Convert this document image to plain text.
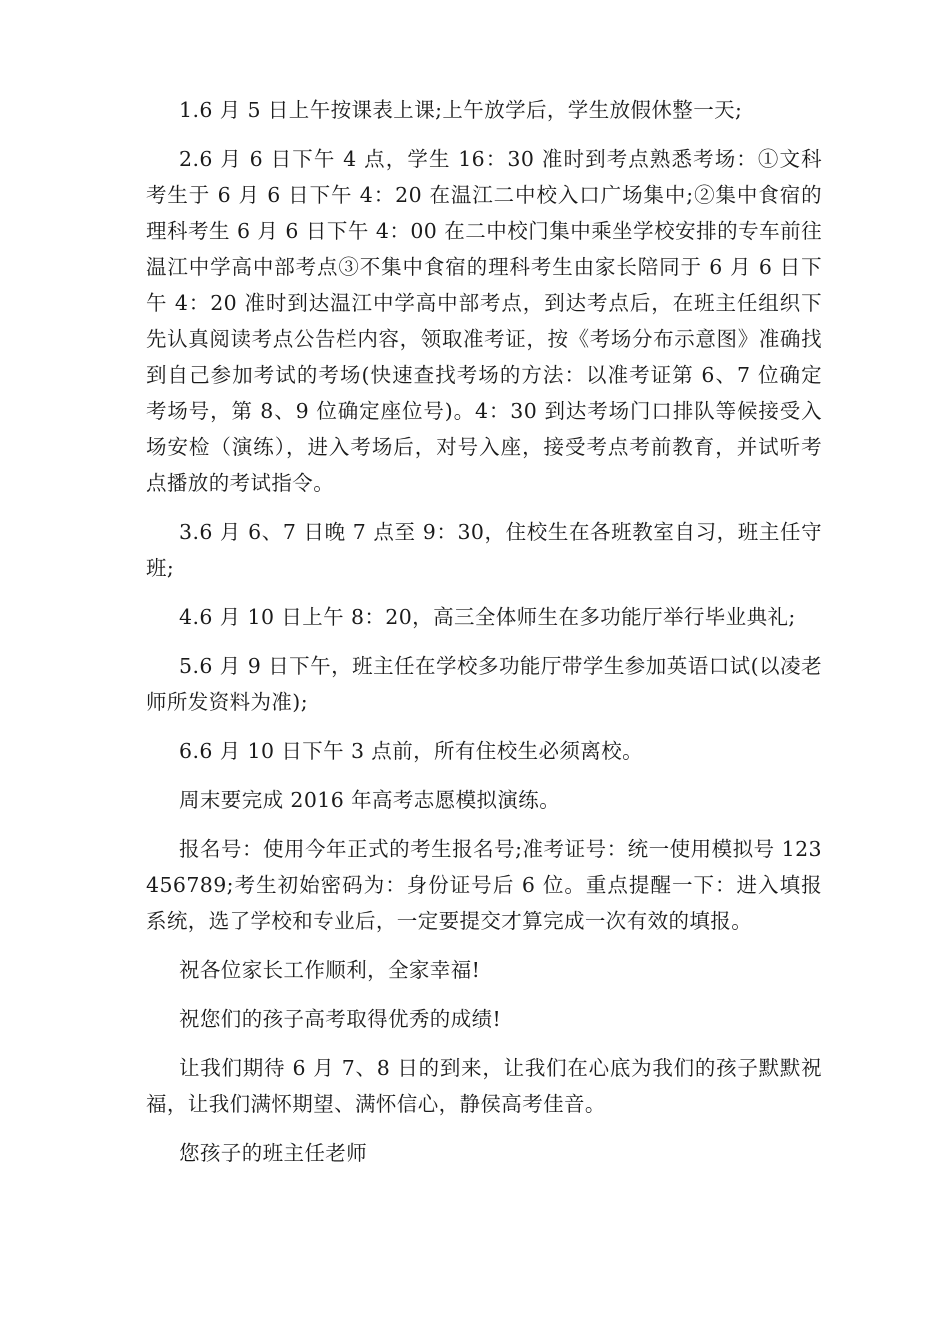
1.6 月 5 日上午按课表上课;上午放学后，学生放假休整一天;

2.6 月 6 日下午 4 点，学生 16：30 准时到考点熟悉考场：①文科考生于 6 月 6 日下午 4：20 在温江二中校入口广场集中;②集中食宿的理科考生 6 月 6 日下午 4：00 在二中校门集中乘坐学校安排的专车前往温江中学高中部考点③不集中食宿的理科考生由家长陪同于 6 月 6 日下午 4：20 准时到达温江中学高中部考点，到达考点后，在班主任组织下先认真阅读考点公告栏内容，领取准考证，按《考场分布示意图》准确找到自己参加考试的考场(快速查找考场的方法：以准考证第 6、7 位确定考场号，第 8、9 位确定座位号)。4：30 到达考场门口排队等候接受入场安检（演练），进入考场后，对号入座，接受考点考前教育，并试听考点播放的考试指令。

3.6 月 6、7 日晚 7 点至 9：30，住校生在各班教室自习，班主任守班;

4.6 月 10 日上午 8：20，高三全体师生在多功能厅举行毕业典礼;

5.6 月 9 日下午，班主任在学校多功能厅带学生参加英语口试(以凌老师所发资料为准);

6.6 月 10 日下午 3 点前，所有住校生必须离校。

周末要完成 2016 年高考志愿模拟演练。

报名号：使用今年正式的考生报名号;准考证号：统一使用模拟号 123456789;考生初始密码为：身份证号后 6 位。重点提醒一下：进入填报系统，选了学校和专业后，一定要提交才算完成一次有效的填报。

祝各位家长工作顺利，全家幸福!

祝您们的孩子高考取得优秀的成绩!

让我们期待 6 月 7、8 日的到来，让我们在心底为我们的孩子默默祝福，让我们满怀期望、满怀信心，静侯高考佳音。

您孩子的班主任老师
